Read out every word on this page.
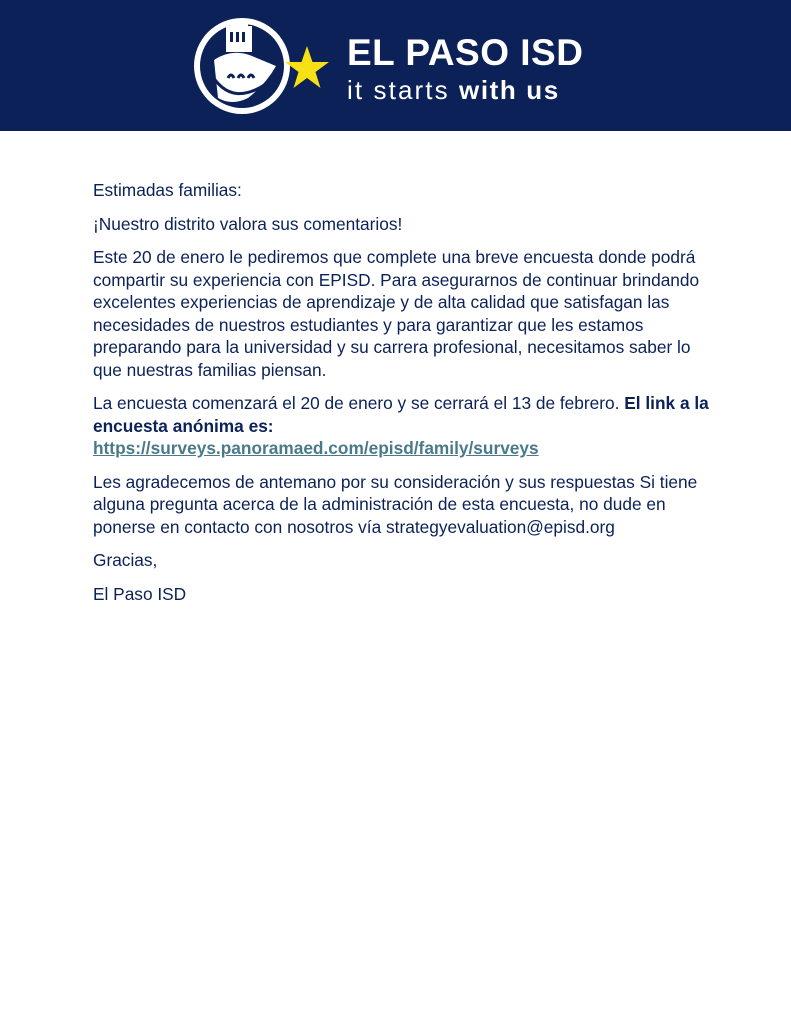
EL PASO ISD
it starts with us

Estimadas familias:

¡Nuestro distrito valora sus comentarios!

Este 20 de enero le pediremos que complete una breve encuesta donde podrá compartir su experiencia con EPISD. Para asegurarnos de continuar brindando excelentes experiencias de aprendizaje y de alta calidad que satisfagan las necesidades de nuestros estudiantes y para garantizar que les estamos preparando para la universidad y su carrera profesional, necesitamos saber lo que nuestras familias piensan.

La encuesta comenzará el 20 de enero y se cerrará el 13 de febrero. El link a la encuesta anónima es:
https://surveys.panoramaed.com/episd/family/surveys

Les agradecemos de antemano por su consideración y sus respuestas Si tiene alguna pregunta acerca de la administración de esta encuesta, no dude en ponerse en contacto con nosotros vía strategyevaluation@episd.org

Gracias,

El Paso ISD
